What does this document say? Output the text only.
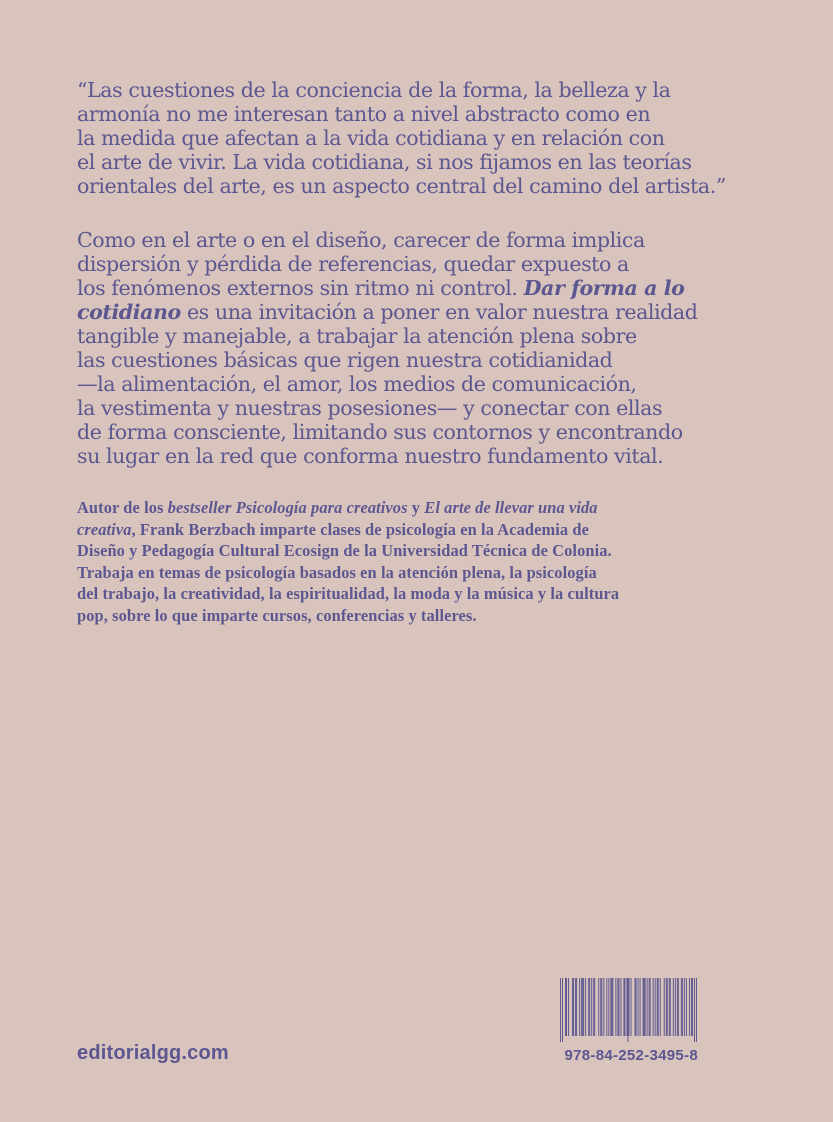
“Las cuestiones de la conciencia de la forma, la belleza y la
armonía no me interesan tanto a nivel abstracto como en
la medida que afectan a la vida cotidiana y en relación con
el arte de vivir. La vida cotidiana, si nos fijamos en las teorías
orientales del arte, es un aspecto central del camino del artista.”
Como en el arte o en el diseño, carecer de forma implica
dispersión y pérdida de referencias, quedar expuesto a
los fenómenos externos sin ritmo ni control. Dar forma a lo
cotidiano es una invitación a poner en valor nuestra realidad
tangible y manejable, a trabajar la atención plena sobre
las cuestiones básicas que rigen nuestra cotidianidad
—la alimentación, el amor, los medios de comunicación,
la vestimenta y nuestras posesiones— y conectar con ellas
de forma consciente, limitando sus contornos y encontrando
su lugar en la red que conforma nuestro fundamento vital.
Autor de los bestseller Psicología para creativos y El arte de llevar una vida
creativa, Frank Berzbach imparte clases de psicología en la Academia de
Diseño y Pedagogía Cultural Ecosign de la Universidad Técnica de Colonia.
Trabaja en temas de psicología basados en la atención plena, la psicología
del trabajo, la creatividad, la espiritualidad, la moda y la música y la cultura
pop, sobre lo que imparte cursos, conferencias y talleres.
editorialgg.com	978-84-252-3495-8
